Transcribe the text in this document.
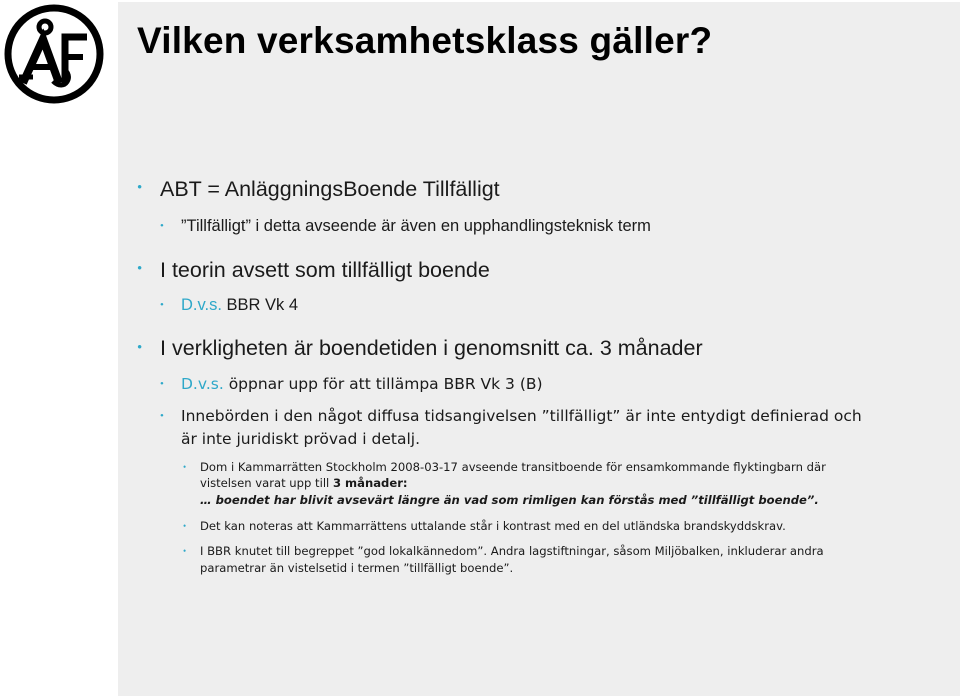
Vilken verksamhetsklass gäller?
• ABT = AnläggningsBoende Tillfälligt
• ”Tillfälligt” i detta avseende är även en upphandlingsteknisk term
• I teorin avsett som tillfälligt boende
• D.v.s. BBR Vk 4
• I verkligheten är boendetiden i genomsnitt ca. 3 månader
• D.v.s. öppnar upp för att tillämpa BBR Vk 3 (B)
• Innebörden i den något diffusa tidsangivelsen ”tillfälligt” är inte entydigt definierad och
är inte juridiskt prövad i detalj.
• Dom i Kammarrätten Stockholm 2008-03-17 avseende transitboende för ensamkommande flyktingbarn där
vistelsen varat upp till 3 månader:
… boendet har blivit avsevärt längre än vad som rimligen kan förstås med ”tillfälligt boende”.
• Det kan noteras att Kammarrättens uttalande står i kontrast med en del utländska brandskyddskrav.
• I BBR knutet till begreppet ”god lokalkännedom”. Andra lagstiftningar, såsom Miljöbalken, inkluderar andra
parametrar än vistelsetid i termen ”tillfälligt boende”.
